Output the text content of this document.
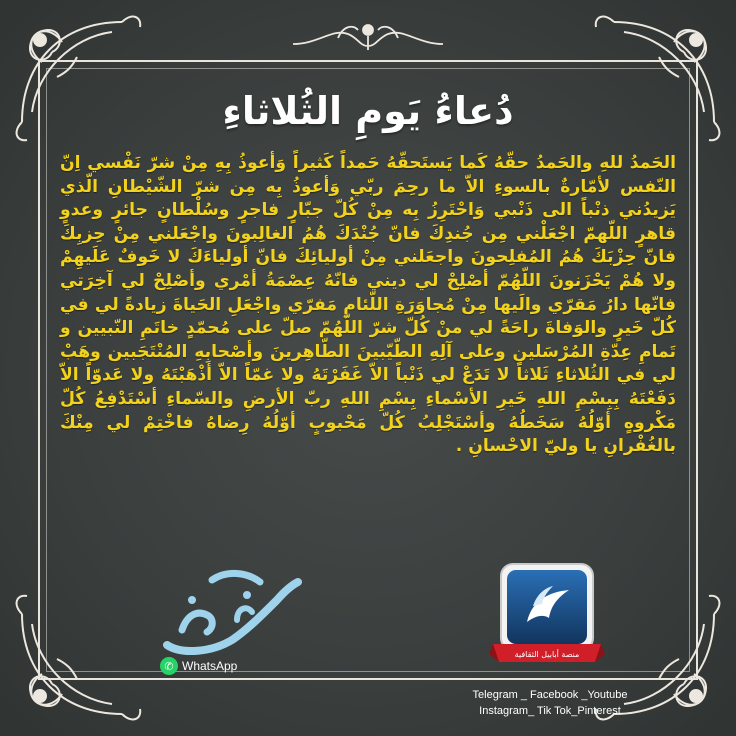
دُعاءُ يَومِ الثُلاثاءِ
الحَمدُ للهِ والحَمدُ حقّهُ كَما يَستَحقّهُ حَمداً كَثيراً وَأعوذُ بِهِ مِنْ شرّ نَفْسي اِنّ النّفس لأمّارةٌ بالسوءِ الاّ ما رحِمَ ربّي وَأعوذُ بِه مِن شرّ الشّيْطانِ الّذي يَزيدُني ذنْباً الى ذَنْبي وَاحْتَرِزُ بِه مِنْ كُلّ جبّارٍ فاجرٍ وسُلْطانٍ جائرٍ وعدوٍ قاهرٍ اللّهمّ اجْعَلْني مِن جُندِكَ فانّ جُنْدَكَ هُمُ الغالِبونَ واجْعَلني مِنْ حِزبِكَ فانّ حِزْبَكَ هُمُ المُفلِحونَ واجعَلني مِنْ أوليائِكَ فانّ أولياءَكَ لا خَوفٌ عَلَيهِمْ ولا هُمْ يَحْزَنونَ اللّهُمّ أصْلِحْ لي ديني فانّهُ عِصْمَةُ أمْري وأصْلِحْ لي آخِرَتي فانّها دارُ مَقرّي والَيها مِنْ مُجاوَرَةِ اللّئامِ مَفرّي واجْعَلِ الحَياةَ زيادةً لي في كُلّ خَيرٍ والوَفاةَ راحَةً لي منْ كُلّ شرّ اللّهُمّ صلّ على مُحمّدٍ خاتَمِ النّبيين و تَمامِ عِدّةِ المُرْسَلين وعلى آلِهِ الطّيّبينَ الطّاهِرينَ وأصْحابِهِ المُنْتَجَبين وهَبْ لي في الثُلاثاءِ ثَلاثاً لا تَدَعْ لي ذَنْباً الاّ غَفَرْتَهُ ولا غمّاً الاّ أذْهَبْتَهُ ولا عَدوّاً الاّ دَفَعْتَهُ بِبِسْمِ اللهِ خَيرِ الأسْماءِ بِسْمِ اللهِ ربّ الأرضِ والسّماءِ أسْتَدْفِعُ كُلّ مَكْروهٍ أوّلُهُ سَخَطُهُ وأسْتَجْلِبُ كُلّ مَحْبوبٍ أوّلُهُ رِضاهُ فاخْتِمْ لي مِنْكَ بالغُفْرانِ يا وليّ الاحْسانِ .
✆ WhatsApp
منصة أبابيل الثقافية
Telegram _ Facebook _Youtube
Instagram_ Tik Tok_Pinterest
